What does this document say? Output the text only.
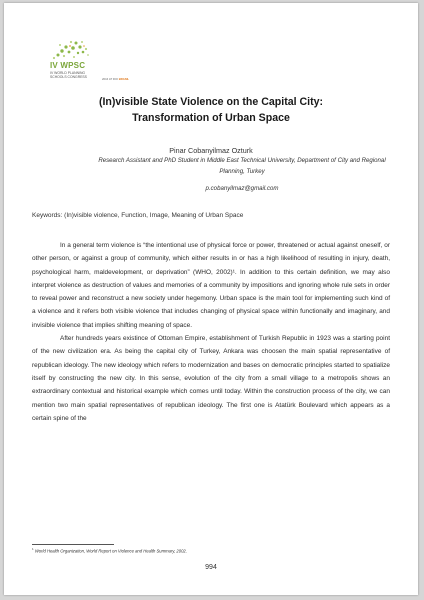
IV WPSC
IV WORLD PLANNING SCHOOLS CONGRESS	2016 AT RIO BRASIL
(In)visible State Violence on the Capital City:
Transformation of Urban Space
Pinar Cobanyilmaz Ozturk
Research Assistant and PhD Student in Middle East Technical University, Department of City and Regional Planning, Turkey
p.cobanyilmaz@gmail.com
Keywords: (In)visible violence, Function, Image, Meaning of Urban Space

In a general term violence is “the intentional use of physical force or power, threatened or actual against oneself, or other person, or against a group of community, which either results in or has a high likelihood of resulting in injury, death, psychological harm, maldevelopment, or deprivation” (WHO, 2002)¹. In addition to this certain definition, we may also interpret violence as destruction of values and memories of a community by impositions and ignoring whole rule sets in order to reveal power and reconstruct a new society under hegemony. Urban space is the main tool for implementing such kind of a violence and it refers both visible violence that includes changing of physical space within functionally and imaginary, and invisible violence that implies shifting meaning of space.

After hundreds years existince of Ottoman Empire, establishment of Turkish Republic in 1923 was a starting point of the new civilization era. As being the capital city of Turkey, Ankara was choosen the main spatial representative of republican ideology. The new ideology which refers to modernization and bases on democratic principles started to spatialize itself by constructing the new city. In this sense, evolution of the city from a small village to a metropolis shows an extraordinary contextual and historical example which comes until today. Within the construction process of the city, we can mention two main spatial representatives of republican ideology. The first one is Atatürk Boulevard which appears as a certain spine of the

$^1$ World Health Organization, World Report on Violence and Health Summary, 2002.
994
